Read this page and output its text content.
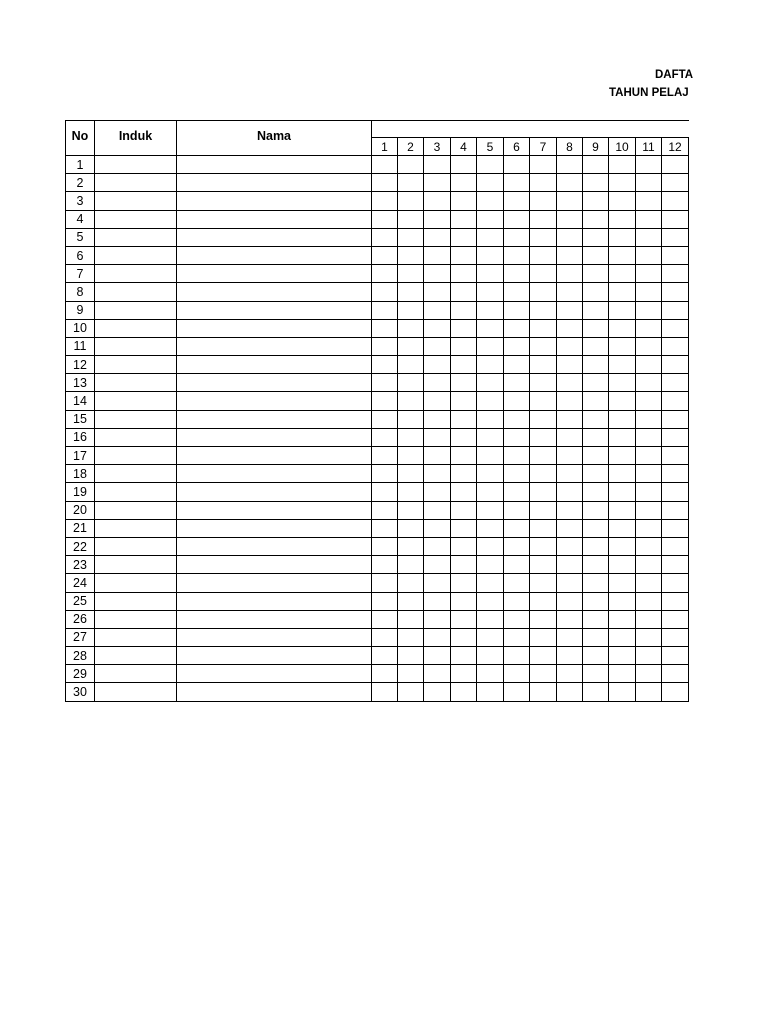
DAFTA
TAHUN PELAJ
No	Induk	Nama												
			1	2	3	4	5	6	7	8	9	10	11	12
1														
2														
3														
4														
5														
6														
7														
8														
9														
10														
11														
12														
13														
14														
15														
16														
17														
18														
19														
20														
21														
22														
23														
24														
25														
26														
27														
28														
29														
30														
